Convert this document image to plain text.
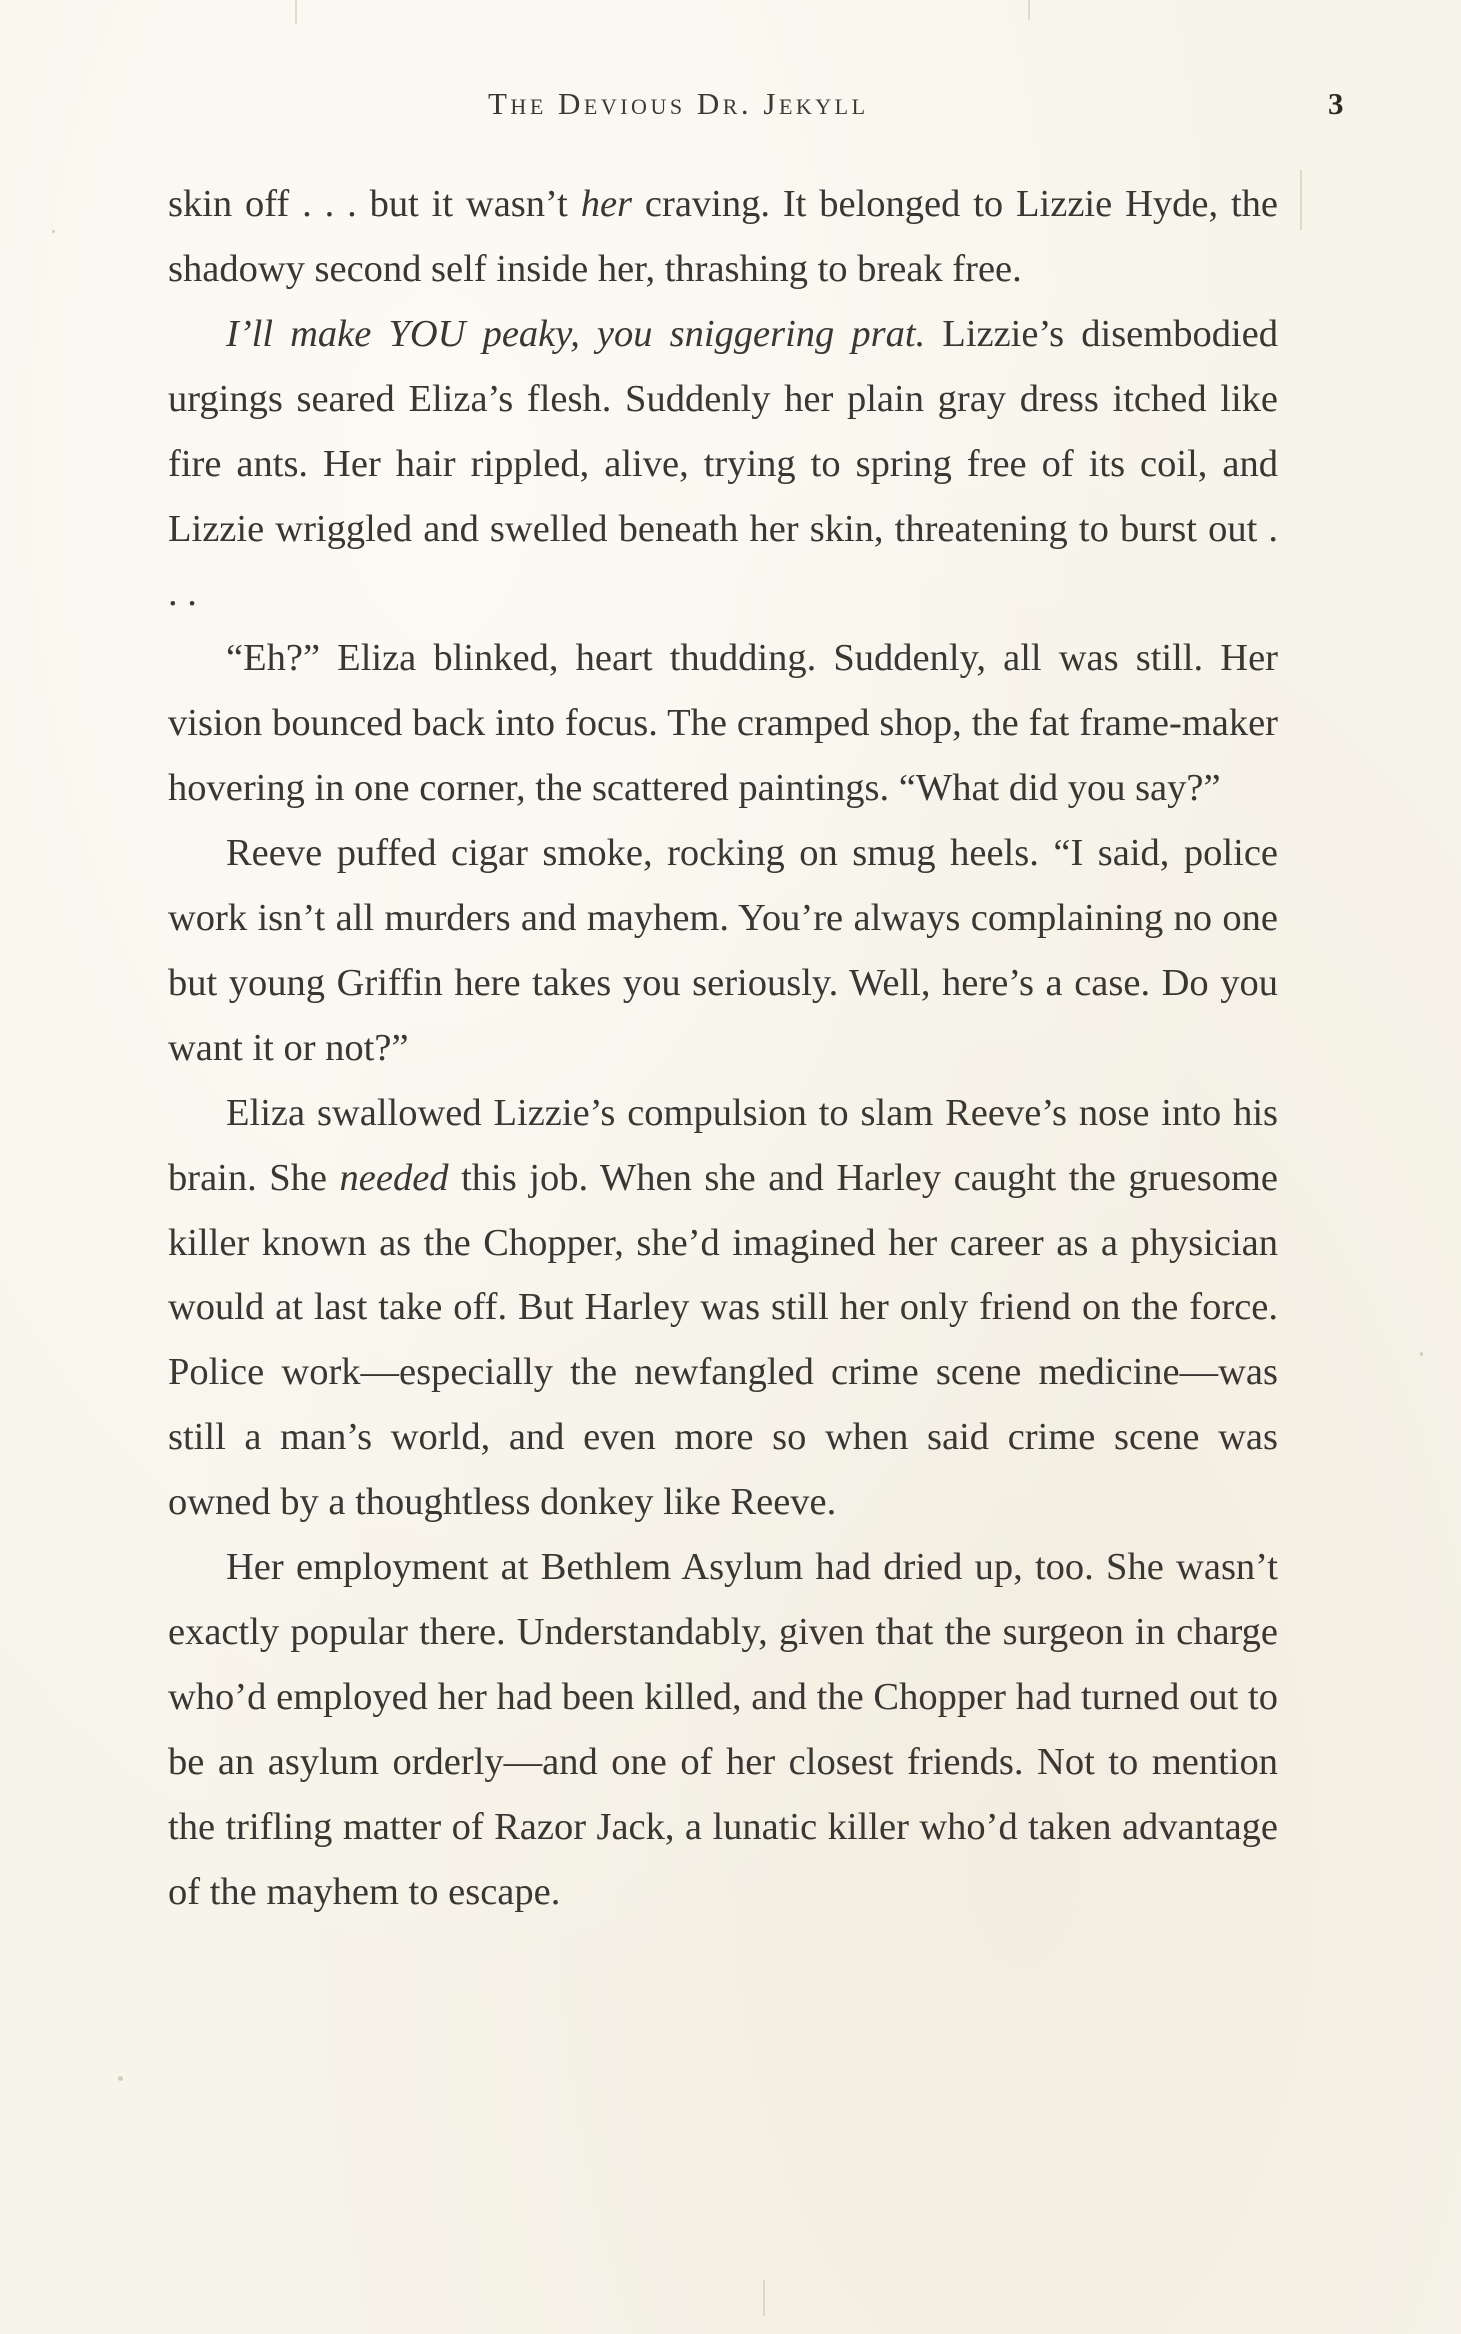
The Devious Dr. Jekyll	3

skin off . . . but it wasn’t her craving. It belonged to Lizzie Hyde, the shadowy second self inside her, thrashing to break free.

I’ll make YOU peaky, you sniggering prat. Lizzie’s disembodied urgings seared Eliza’s flesh. Suddenly her plain gray dress itched like fire ants. Her hair rippled, alive, trying to spring free of its coil, and Lizzie wriggled and swelled beneath her skin, threatening to burst out . . .

“Eh?” Eliza blinked, heart thudding. Suddenly, all was still. Her vision bounced back into focus. The cramped shop, the fat frame-maker hovering in one corner, the scattered paintings. “What did you say?”

Reeve puffed cigar smoke, rocking on smug heels. “I said, police work isn’t all murders and mayhem. You’re always complaining no one but young Griffin here takes you seriously. Well, here’s a case. Do you want it or not?”

Eliza swallowed Lizzie’s compulsion to slam Reeve’s nose into his brain. She needed this job. When she and Harley caught the gruesome killer known as the Chopper, she’d imagined her career as a physician would at last take off. But Harley was still her only friend on the force. Police work—especially the newfangled crime scene medicine—was still a man’s world, and even more so when said crime scene was owned by a thoughtless donkey like Reeve.

Her employment at Bethlem Asylum had dried up, too. She wasn’t exactly popular there. Understandably, given that the surgeon in charge who’d employed her had been killed, and the Chopper had turned out to be an asylum orderly—and one of her closest friends. Not to mention the trifling matter of Razor Jack, a lunatic killer who’d taken advantage of the mayhem to escape.
